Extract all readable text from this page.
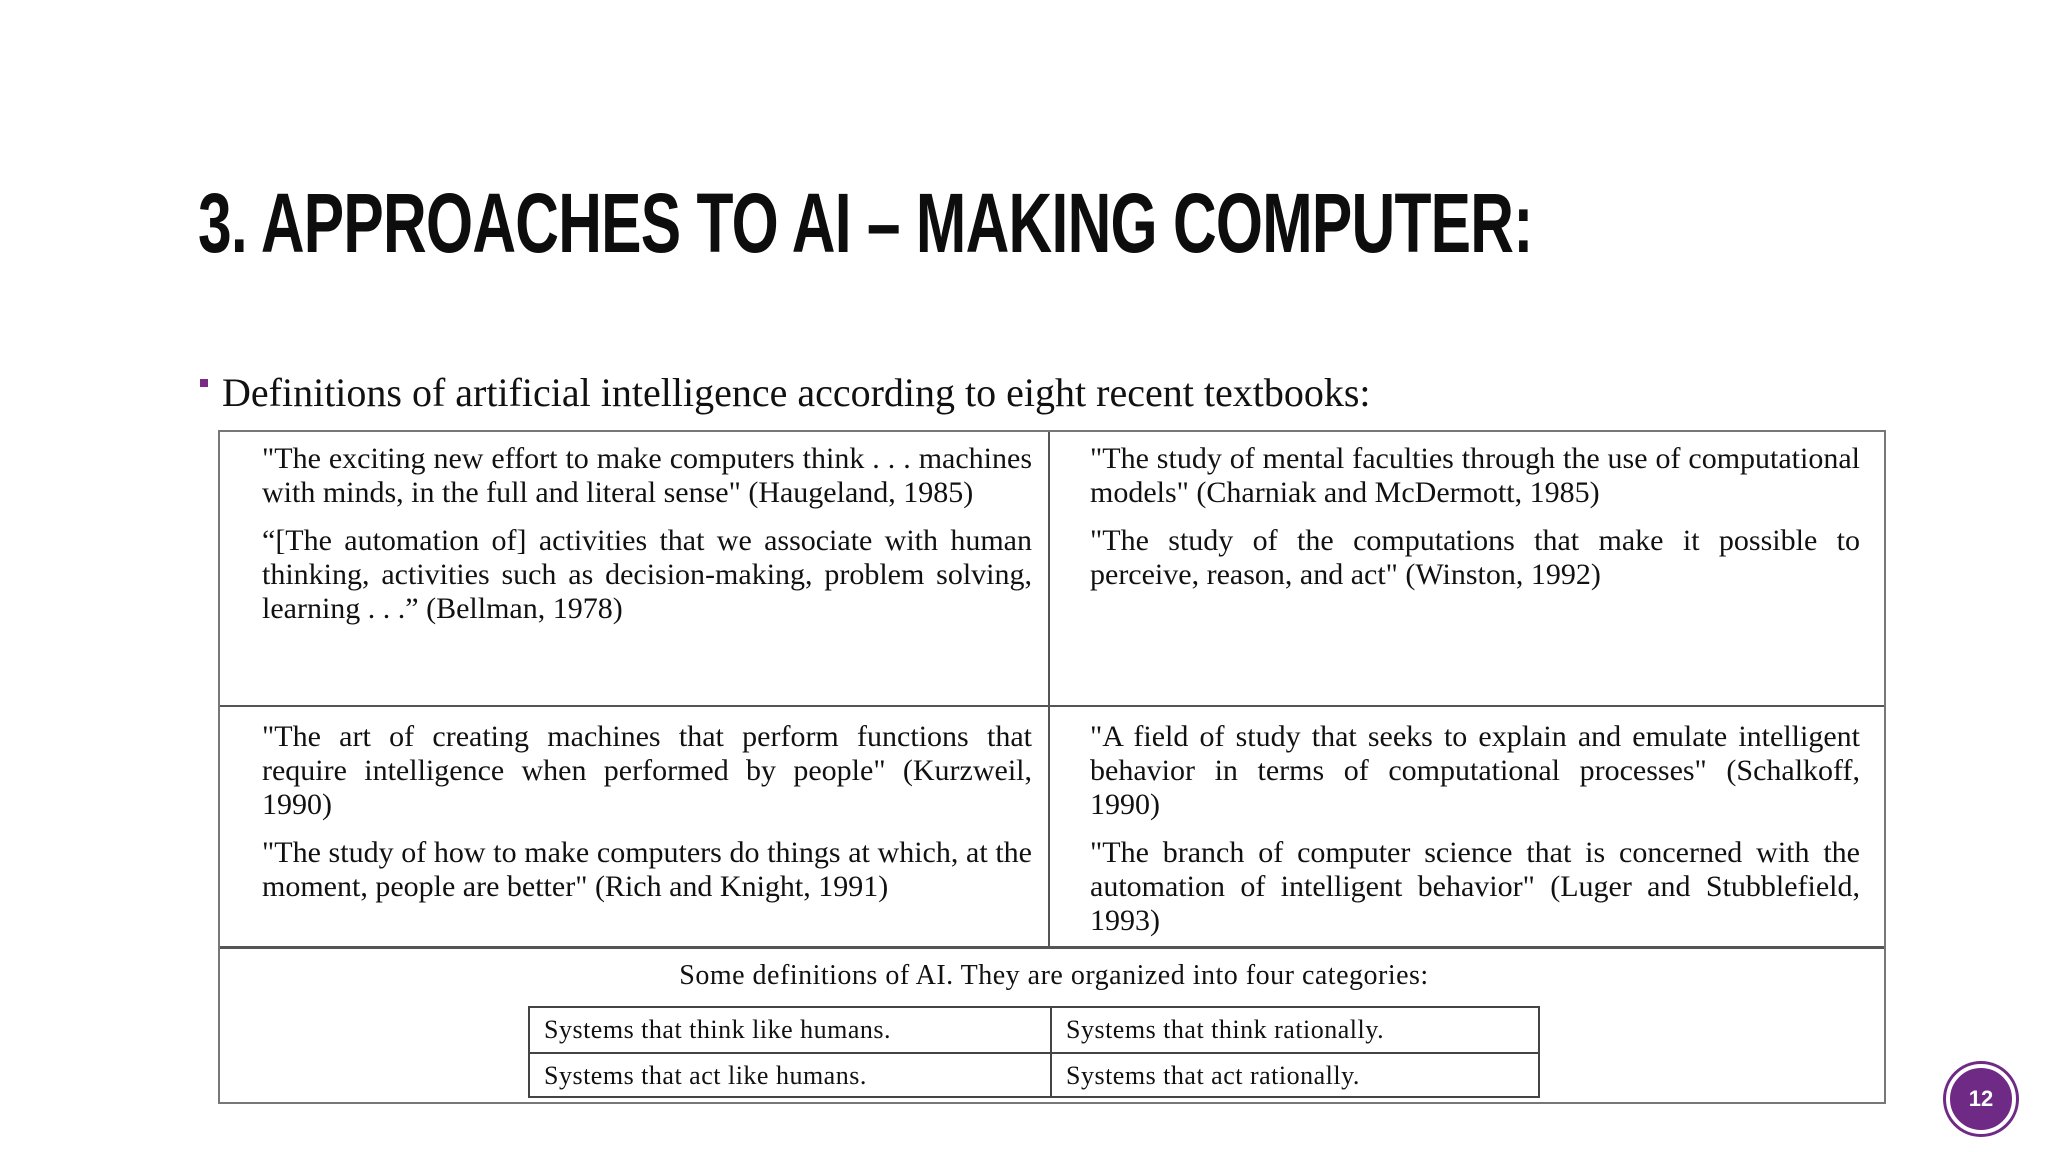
3. APPROACHES TO AI – MAKING COMPUTER:
Definitions of artificial intelligence according to eight recent textbooks:

"The exciting new effort to make computers think . . . machines with minds, in the full and literal sense" (Haugeland, 1985)

“[The automation of] activities that we associate with human thinking, activities such as decision-making, problem solving, learning . . .” (Bellman, 1978)

"The study of mental faculties through the use of computational models" (Charniak and McDermott, 1985)

"The study of the computations that make it possible to perceive, reason, and act" (Winston, 1992)

"The art of creating machines that perform functions that require intelligence when performed by people" (Kurzweil, 1990)

"The study of how to make computers do things at which, at the moment, people are better" (Rich and Knight, 1991)

"A field of study that seeks to explain and emulate intelligent behavior in terms of computational processes" (Schalkoff, 1990)

"The branch of computer science that is concerned with the automation of intelligent behavior" (Luger and Stubblefield, 1993)

Some definitions of AI. They are organized into four categories:
Systems that think like humans.	Systems that think rationally.
Systems that act like humans.	Systems that act rationally.
12
